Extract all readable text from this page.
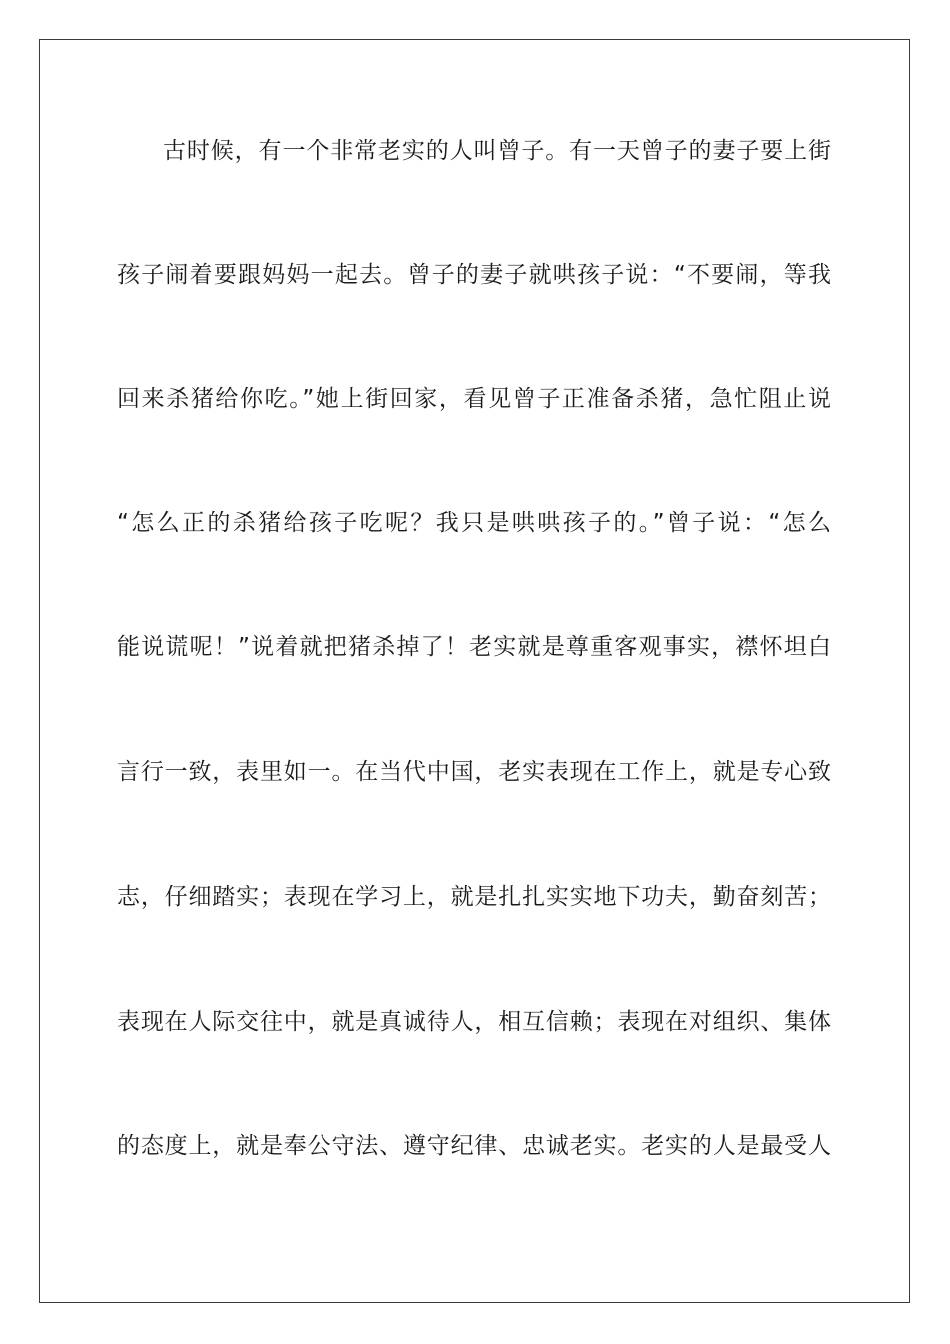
古时候，有一个非常老实的人叫曾子。有一天曾子的妻子要上街
孩子闹着要跟妈妈一起去。曾子的妻子就哄孩子说：“不要闹，等我
回来杀猪给你吃。”她上街回家，看见曾子正准备杀猪，急忙阻止说
“怎么正的杀猪给孩子吃呢？我只是哄哄孩子的。”曾子说：“怎么
能说谎呢！”说着就把猪杀掉了！老实就是尊重客观事实，襟怀坦白
言行一致，表里如一。在当代中国，老实表现在工作上，就是专心致
志，仔细踏实；表现在学习上，就是扎扎实实地下功夫，勤奋刻苦；
表现在人际交往中，就是真诚待人，相互信赖；表现在对组织、集体
的态度上，就是奉公守法、遵守纪律、忠诚老实。老实的人是最受人
